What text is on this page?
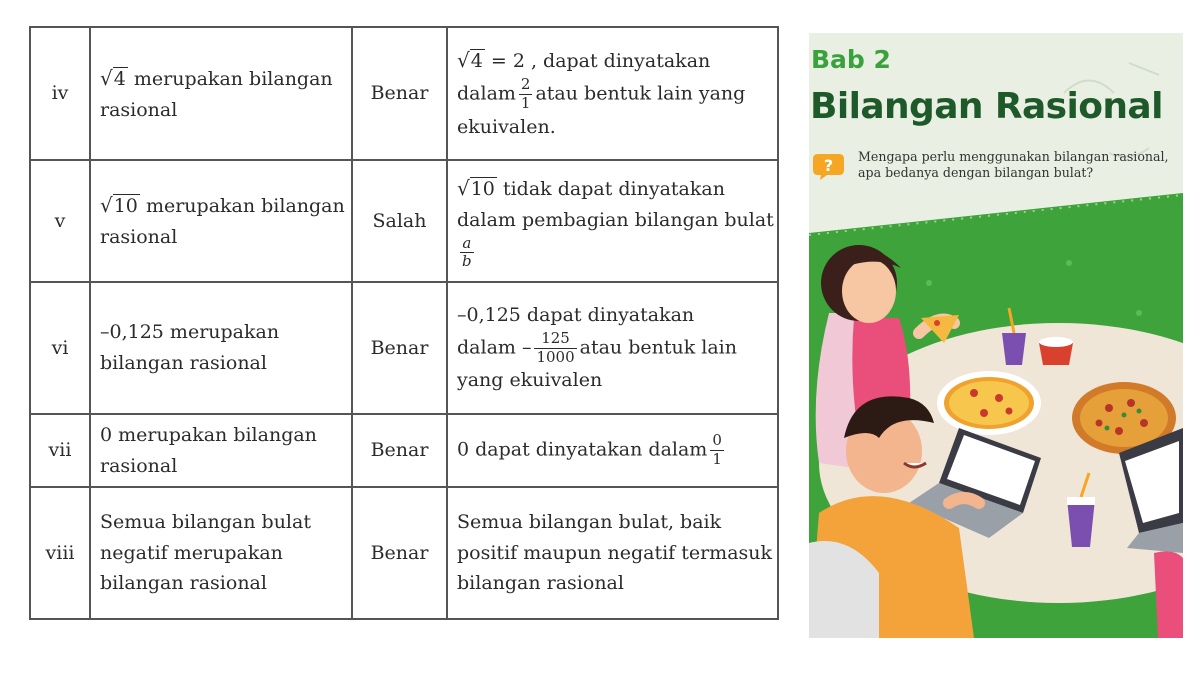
iv	√4 merupakan bilangan rasional	Benar	√4 = 2 , dapat dinyatakan
dalam $\frac{2}{1}$ atau bentuk lain yang ekuivalen.
v	√10 merupakan bilangan rasional	Salah	√10 tidak dapat dinyatakan dalam pembagian bilangan bulat
$\frac{a}{b}$

vi	–0,125 merupakan bilangan rasional	Benar	–0,125 dapat dinyatakan
dalam – $\frac{125}{1000}$ atau bentuk lain yang ekuivalen
vii	0 merupakan bilangan rasional	Benar	0 dapat dinyatakan dalam $\frac{0}{1}$

viii	Semua bilangan bulat negatif merupakan bilangan rasional	Benar	Semua bilangan bulat, baik positif maupun negatif termasuk bilangan rasional
Bab 2
Bilangan Rasional
? Mengapa perlu menggunakan bilangan rasional, apa bedanya dengan bilangan bulat?
